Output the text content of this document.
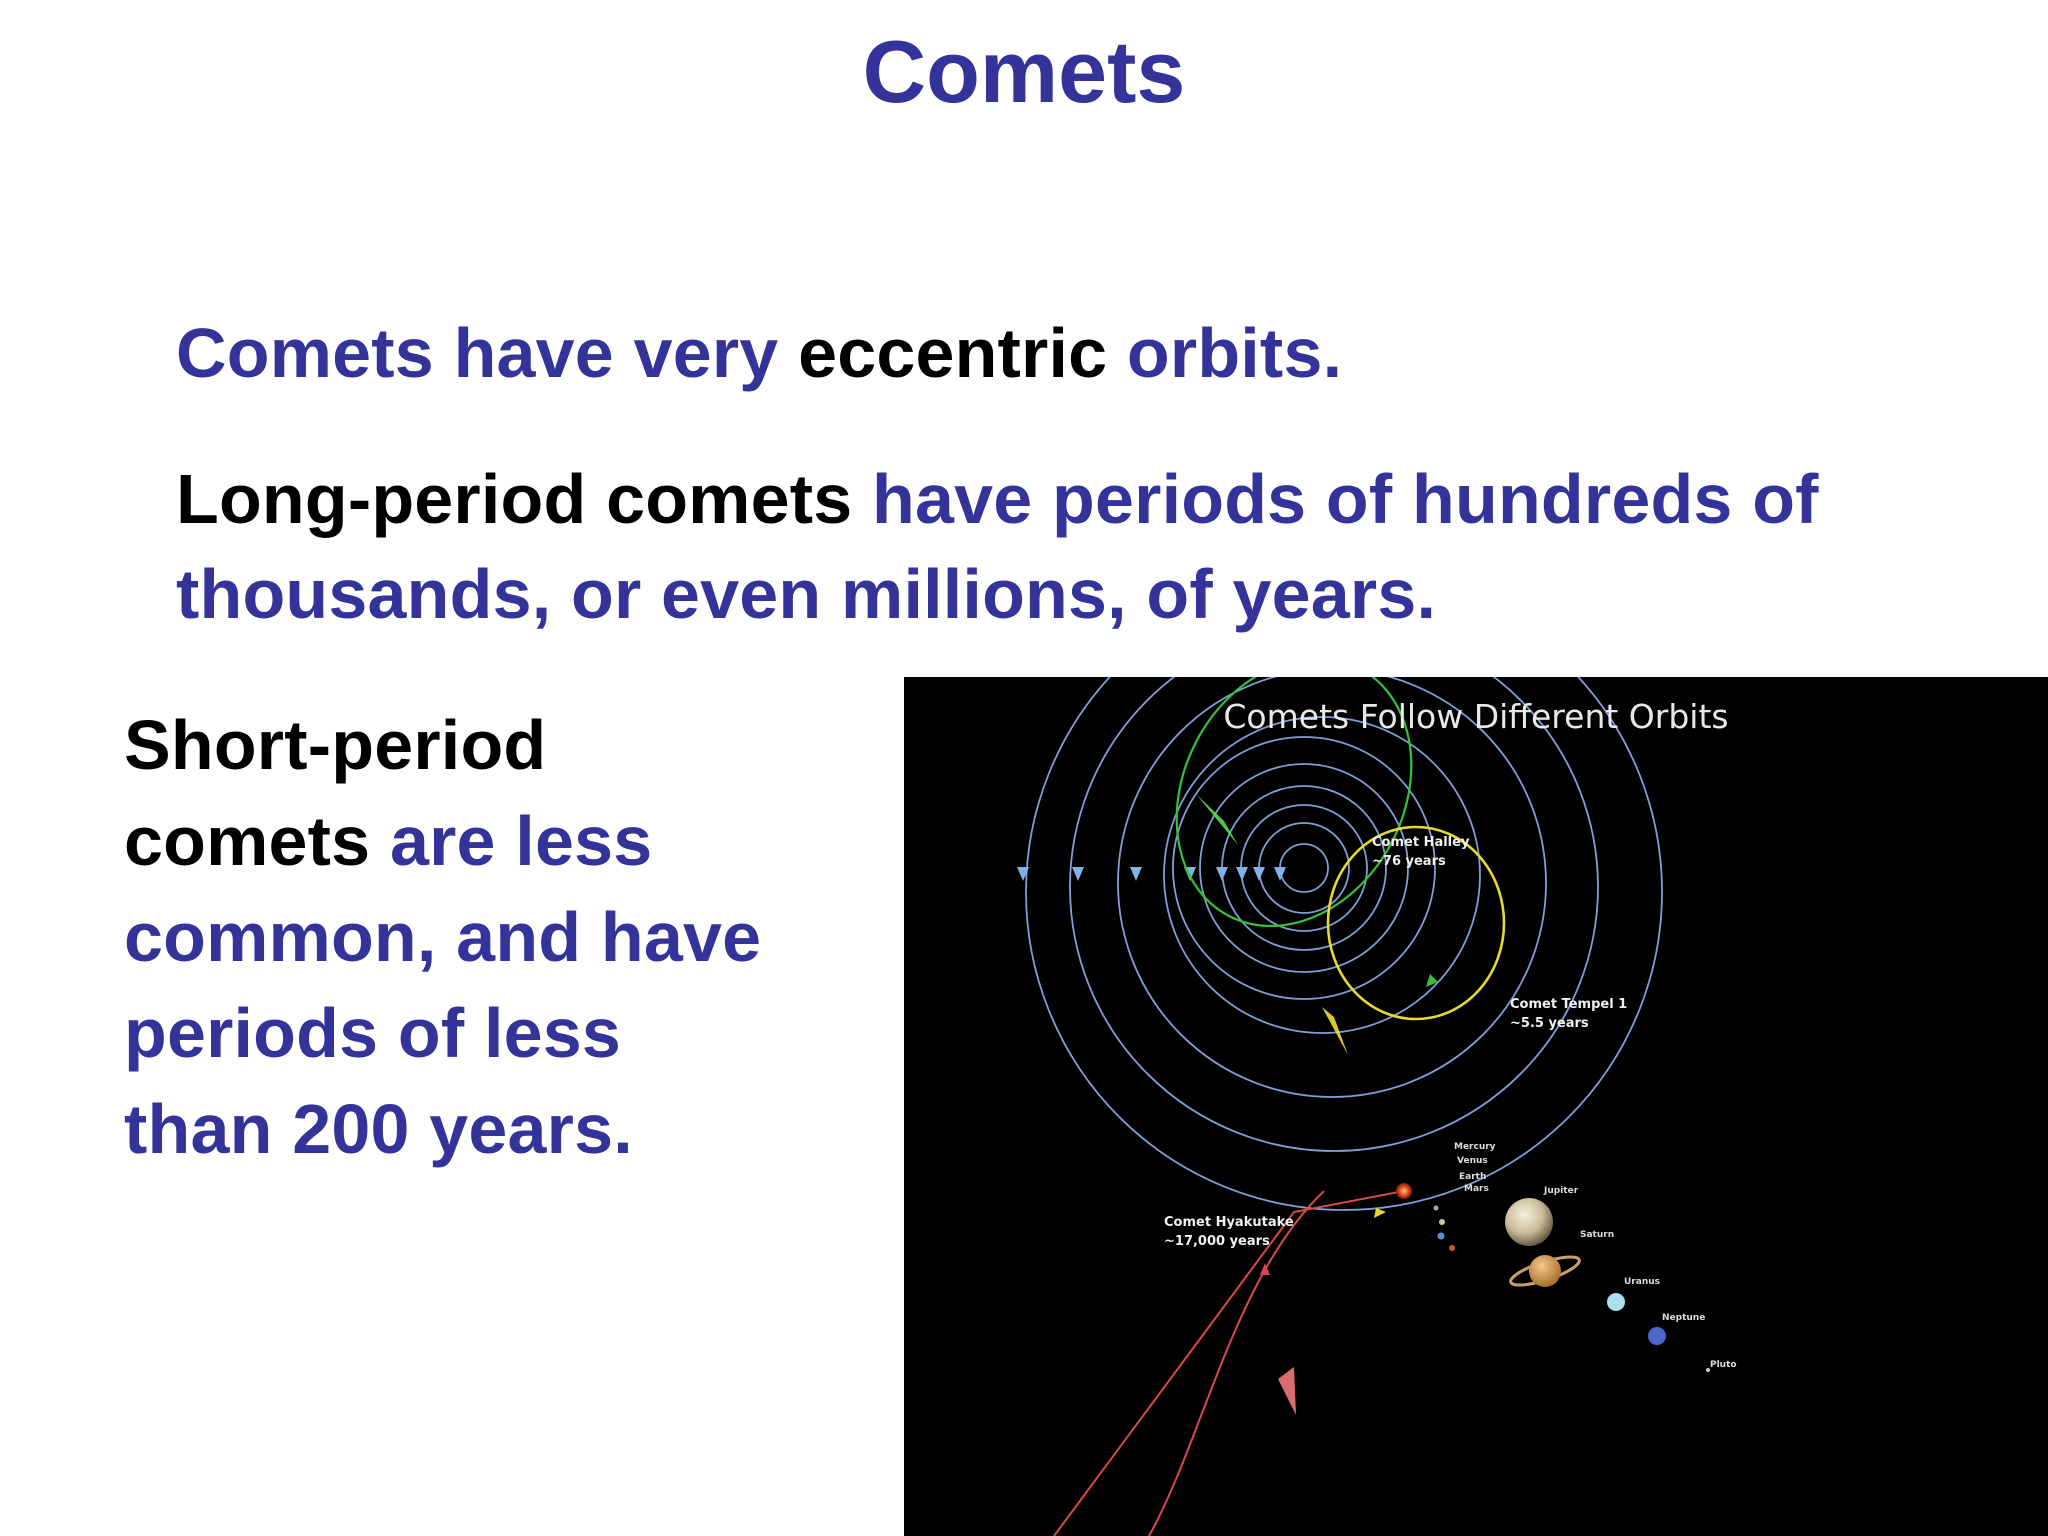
Comets

Comets have very eccentric orbits.

Long-period comets have periods of hundreds of thousands, or even millions, of years.

Short-period comets are less common, and have periods of less than 200 years.

Comets Follow Different Orbits
Comet Halley
~76 years
Comet Tempel 1
~5.5 years
Comet Hyakutake
~17,000 years
Mercury
Venus
Earth
Mars	Jupiter
Saturn
Uranus
Neptune
Pluto
